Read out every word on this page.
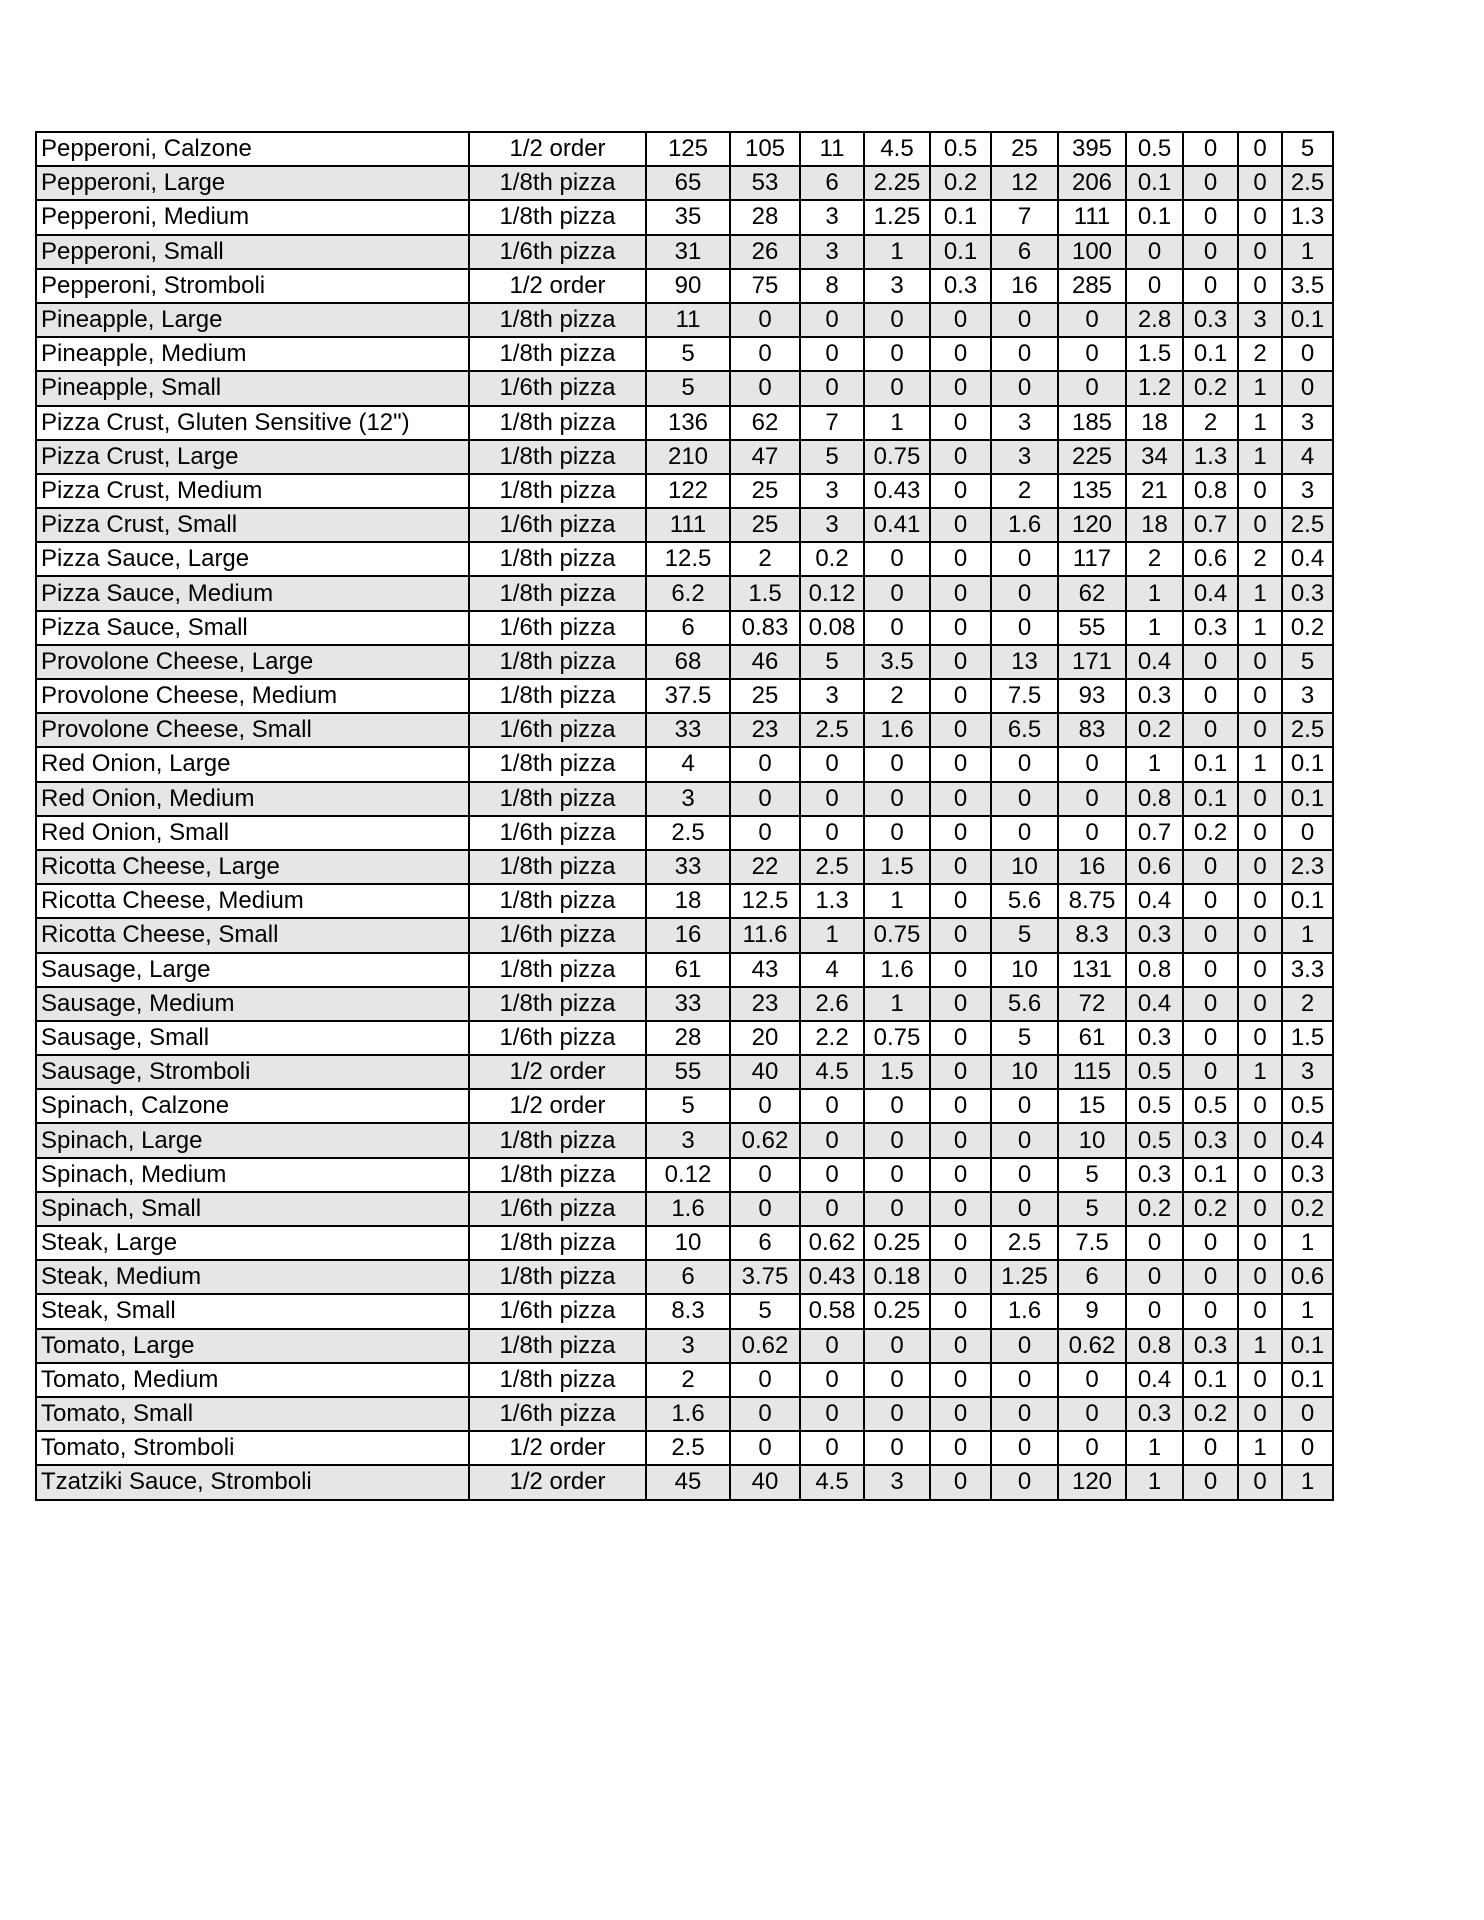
Pepperoni, Calzone	1/2 order	125	105	11	4.5	0.5	25	395	0.5	0	0	5
Pepperoni, Large	1/8th pizza	65	53	6	2.25	0.2	12	206	0.1	0	0	2.5
Pepperoni, Medium	1/8th pizza	35	28	3	1.25	0.1	7	111	0.1	0	0	1.3
Pepperoni, Small	1/6th pizza	31	26	3	1	0.1	6	100	0	0	0	1
Pepperoni, Stromboli	1/2 order	90	75	8	3	0.3	16	285	0	0	0	3.5
Pineapple, Large	1/8th pizza	11	0	0	0	0	0	0	2.8	0.3	3	0.1
Pineapple, Medium	1/8th pizza	5	0	0	0	0	0	0	1.5	0.1	2	0
Pineapple, Small	1/6th pizza	5	0	0	0	0	0	0	1.2	0.2	1	0
Pizza Crust, Gluten Sensitive (12")	1/8th pizza	136	62	7	1	0	3	185	18	2	1	3
Pizza Crust, Large	1/8th pizza	210	47	5	0.75	0	3	225	34	1.3	1	4
Pizza Crust, Medium	1/8th pizza	122	25	3	0.43	0	2	135	21	0.8	0	3
Pizza Crust, Small	1/6th pizza	111	25	3	0.41	0	1.6	120	18	0.7	0	2.5
Pizza Sauce, Large	1/8th pizza	12.5	2	0.2	0	0	0	117	2	0.6	2	0.4
Pizza Sauce, Medium	1/8th pizza	6.2	1.5	0.12	0	0	0	62	1	0.4	1	0.3
Pizza Sauce, Small	1/6th pizza	6	0.83	0.08	0	0	0	55	1	0.3	1	0.2
Provolone Cheese, Large	1/8th pizza	68	46	5	3.5	0	13	171	0.4	0	0	5
Provolone Cheese, Medium	1/8th pizza	37.5	25	3	2	0	7.5	93	0.3	0	0	3
Provolone Cheese, Small	1/6th pizza	33	23	2.5	1.6	0	6.5	83	0.2	0	0	2.5
Red Onion, Large	1/8th pizza	4	0	0	0	0	0	0	1	0.1	1	0.1
Red Onion, Medium	1/8th pizza	3	0	0	0	0	0	0	0.8	0.1	0	0.1
Red Onion, Small	1/6th pizza	2.5	0	0	0	0	0	0	0.7	0.2	0	0
Ricotta Cheese, Large	1/8th pizza	33	22	2.5	1.5	0	10	16	0.6	0	0	2.3
Ricotta Cheese, Medium	1/8th pizza	18	12.5	1.3	1	0	5.6	8.75	0.4	0	0	0.1
Ricotta Cheese, Small	1/6th pizza	16	11.6	1	0.75	0	5	8.3	0.3	0	0	1
Sausage, Large	1/8th pizza	61	43	4	1.6	0	10	131	0.8	0	0	3.3
Sausage, Medium	1/8th pizza	33	23	2.6	1	0	5.6	72	0.4	0	0	2
Sausage, Small	1/6th pizza	28	20	2.2	0.75	0	5	61	0.3	0	0	1.5
Sausage, Stromboli	1/2 order	55	40	4.5	1.5	0	10	115	0.5	0	1	3
Spinach, Calzone	1/2 order	5	0	0	0	0	0	15	0.5	0.5	0	0.5
Spinach, Large	1/8th pizza	3	0.62	0	0	0	0	10	0.5	0.3	0	0.4
Spinach, Medium	1/8th pizza	0.12	0	0	0	0	0	5	0.3	0.1	0	0.3
Spinach, Small	1/6th pizza	1.6	0	0	0	0	0	5	0.2	0.2	0	0.2
Steak, Large	1/8th pizza	10	6	0.62	0.25	0	2.5	7.5	0	0	0	1
Steak, Medium	1/8th pizza	6	3.75	0.43	0.18	0	1.25	6	0	0	0	0.6
Steak, Small	1/6th pizza	8.3	5	0.58	0.25	0	1.6	9	0	0	0	1
Tomato, Large	1/8th pizza	3	0.62	0	0	0	0	0.62	0.8	0.3	1	0.1
Tomato, Medium	1/8th pizza	2	0	0	0	0	0	0	0.4	0.1	0	0.1
Tomato, Small	1/6th pizza	1.6	0	0	0	0	0	0	0.3	0.2	0	0
Tomato, Stromboli	1/2 order	2.5	0	0	0	0	0	0	1	0	1	0
Tzatziki Sauce, Stromboli	1/2 order	45	40	4.5	3	0	0	120	1	0	0	1
